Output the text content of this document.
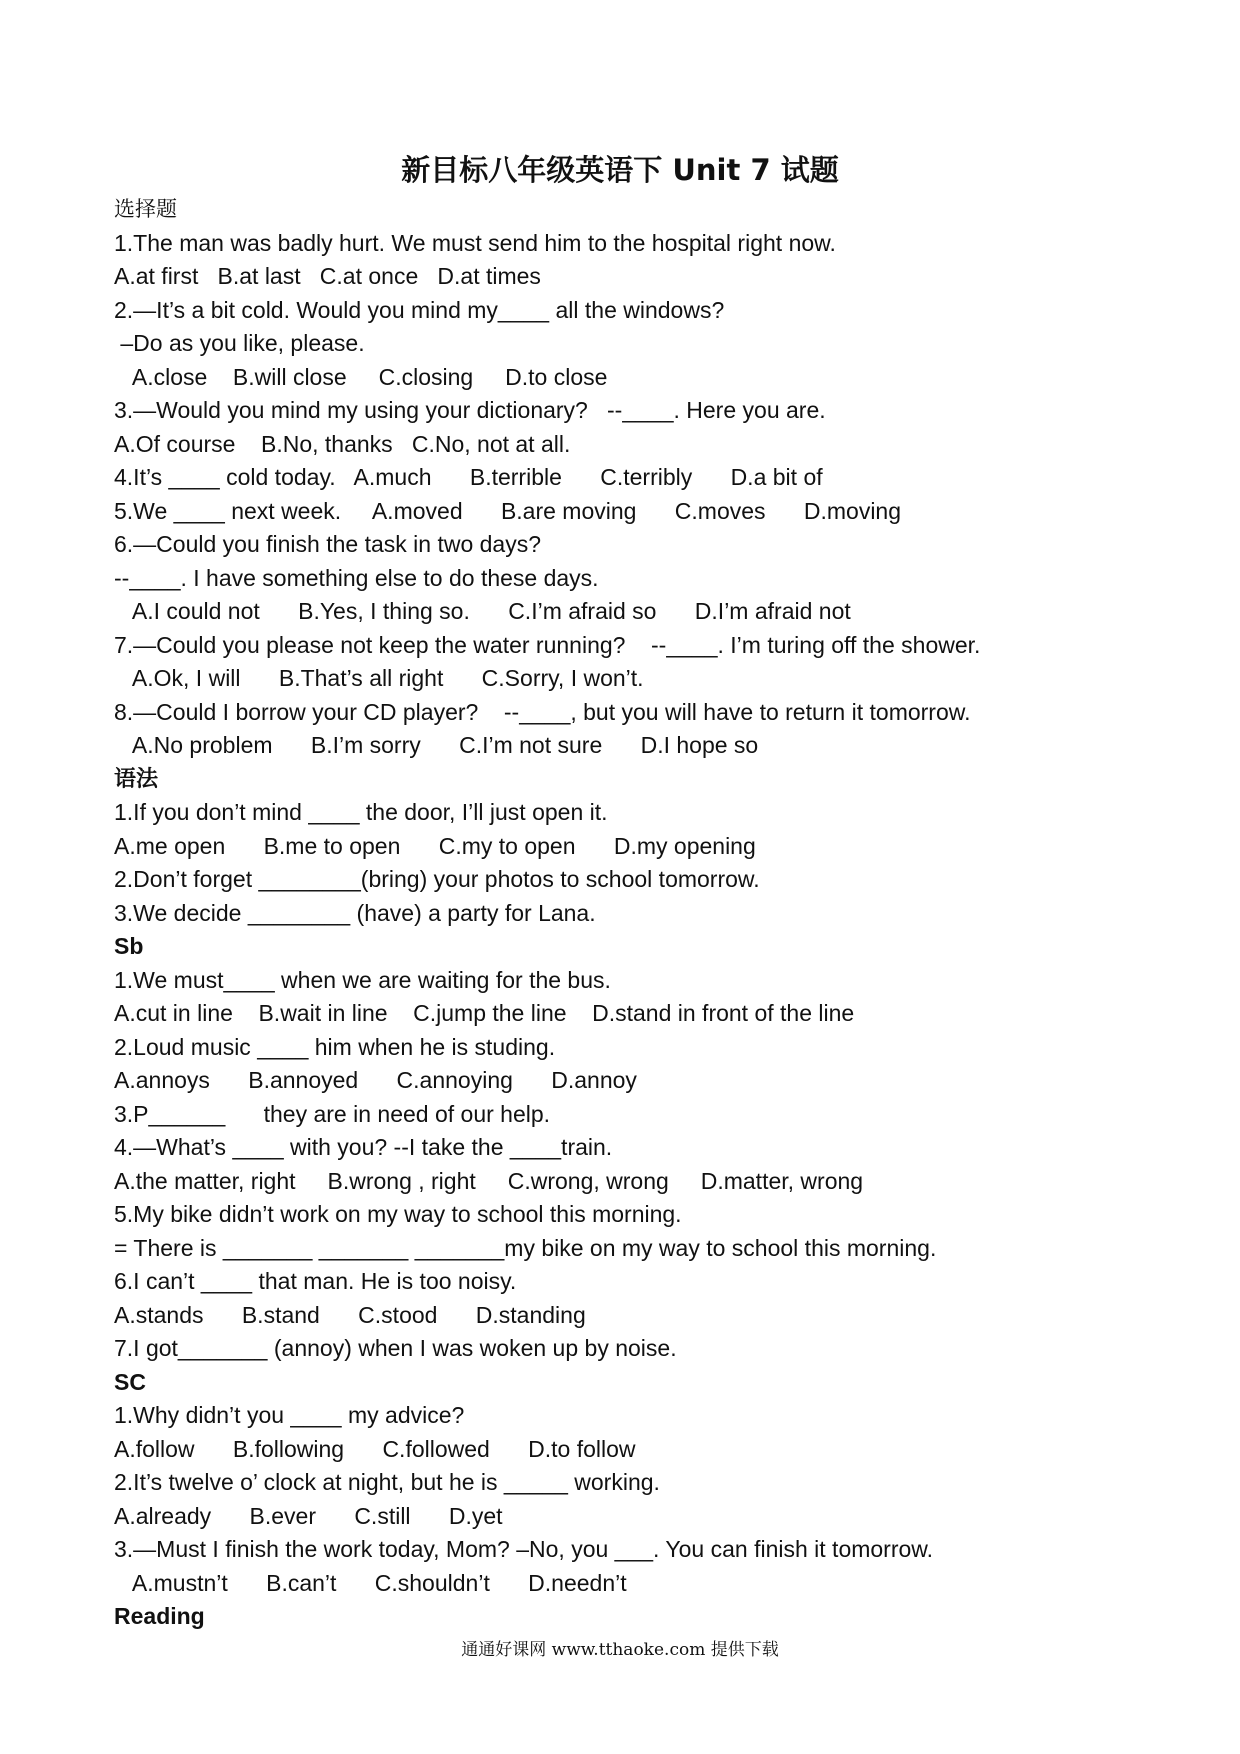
新目标八年级英语下 Unit 7 试题
选择题
1.The man was badly hurt. We must send him to the hospital right now.
A.at first   B.at last   C.at once   D.at times
2.—It’s a bit cold. Would you mind my____ all the windows?
–Do as you like, please.
A.close    B.will close     C.closing     D.to close
3.—Would you mind my using your dictionary?   --____. Here you are.
A.Of course    B.No, thanks   C.No, not at all.
4.It’s ____ cold today.   A.much      B.terrible      C.terribly      D.a bit of
5.We ____ next week.     A.moved      B.are moving      C.moves      D.moving
6.—Could you finish the task in two days?
--____. I have something else to do these days.
A.I could not      B.Yes, I thing so.      C.I’m afraid so      D.I’m afraid not
7.—Could you please not keep the water running?    --____. I’m turing off the shower.
A.Ok, I will      B.That’s all right      C.Sorry, I won’t.
8.—Could I borrow your CD player?    --____, but you will have to return it tomorrow.
A.No problem      B.I’m sorry      C.I’m not sure      D.I hope so
语法
1.If you don’t mind ____ the door, I’ll just open it.
A.me open      B.me to open      C.my to open      D.my opening
2.Don’t forget ________(bring) your photos to school tomorrow.
3.We decide ________ (have) a party for Lana.
Sb
1.We must____ when we are waiting for the bus.
A.cut in line    B.wait in line    C.jump the line    D.stand in front of the line
2.Loud music ____ him when he is studing.
A.annoys      B.annoyed      C.annoying      D.annoy
3.P______      they are in need of our help.
4.—What’s ____ with you? --I take the ____train.
A.the matter, right     B.wrong , right     C.wrong, wrong     D.matter, wrong
5.My bike didn’t work on my way to school this morning.
= There is _______ _______ _______my bike on my way to school this morning.
6.I can’t ____ that man. He is too noisy.
A.stands      B.stand      C.stood      D.standing
7.I got_______ (annoy) when I was woken up by noise.
SC
1.Why didn’t you ____ my advice?
A.follow      B.following      C.followed      D.to follow
2.It’s twelve o’ clock at night, but he is _____ working.
A.already      B.ever      C.still      D.yet
3.—Must I finish the work today, Mom? –No, you ___. You can finish it tomorrow.
A.mustn’t      B.can’t      C.shouldn’t      D.needn’t
Reading
通通好课网 www.tthaoke.com 提供下载
